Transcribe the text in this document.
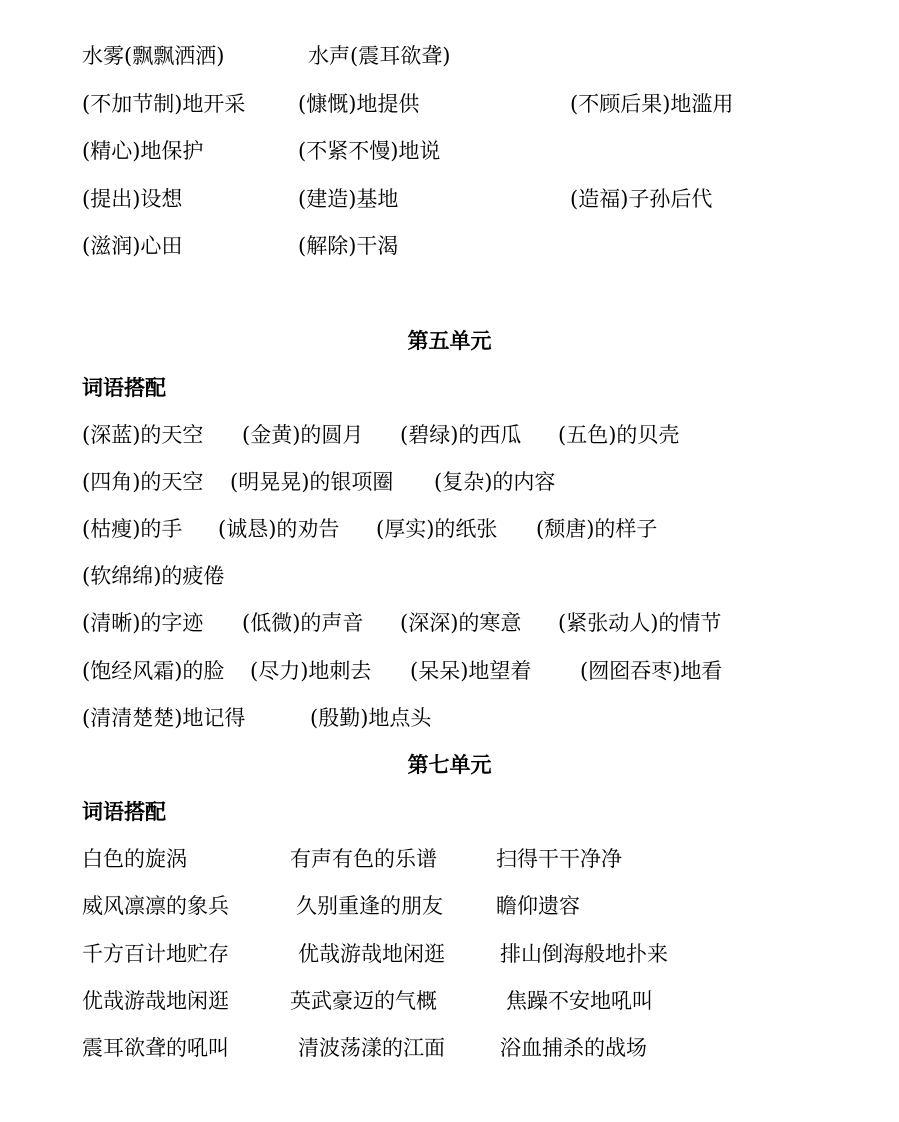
水雾(飘飘洒洒)	水声(震耳欲聋)
(不加节制)地开采	(慷慨)地提供	(不顾后果)地滥用
(精心)地保护	(不紧不慢)地说
(提出)设想	(建造)基地	(造福)子孙后代
(滋润)心田	(解除)干渴
第五单元
词语搭配
(深蓝)的天空 (金黄)的圆月 (碧绿)的西瓜 (五色)的贝壳
(四角)的天空 (明晃晃)的银项圈 (复杂)的内容
(枯瘦)的手 (诚恳)的劝告 (厚实)的纸张 (颓唐)的样子
(软绵绵)的疲倦
(清晰)的字迹 (低微)的声音 (深深)的寒意 (紧张动人)的情节
(饱经风霜)的脸 (尽力)地刺去 (呆呆)地望着 (囫囵吞枣)地看
(清清楚楚)地记得	(殷勤)地点头
第七单元
词语搭配
白色的旋涡	有声有色的乐谱	扫得干干净净
威风凛凛的象兵	久别重逢的朋友	瞻仰遗容
千方百计地贮存	优哉游哉地闲逛	排山倒海般地扑来
优哉游哉地闲逛	英武豪迈的气概	焦躁不安地吼叫
震耳欲聋的吼叫	清波荡漾的江面	浴血捕杀的战场
